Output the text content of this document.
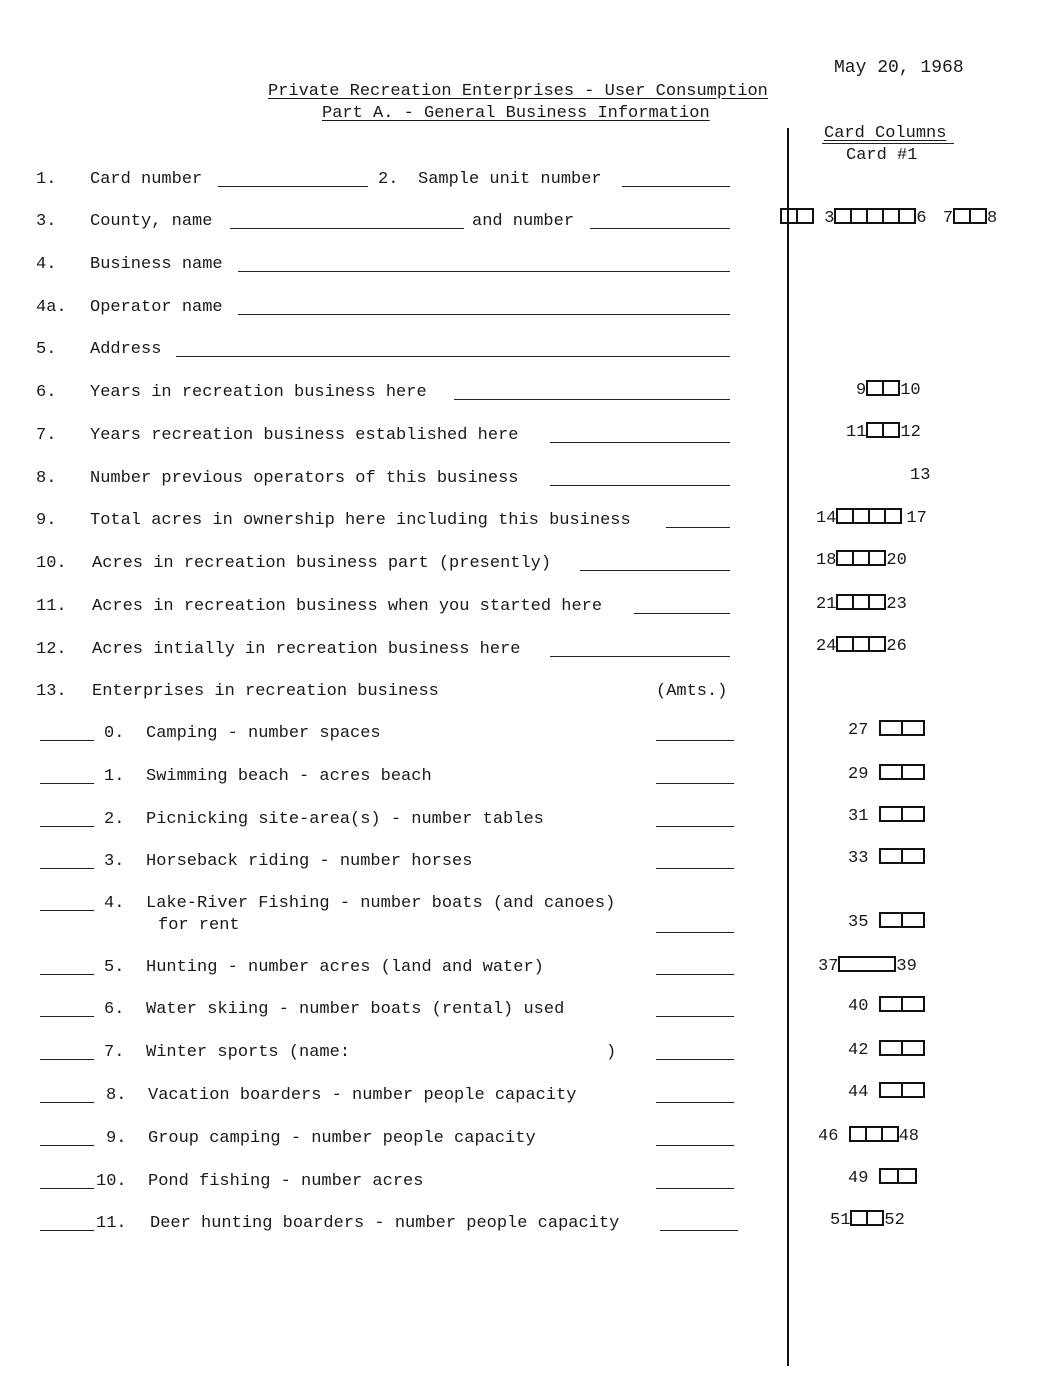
May 20, 1968
Private Recreation Enterprises - User Consumption
Part A. - General Business Information
Card Columns
Card #1
1. Card number	2. Sample unit number
3. County, name	and number	3	6 7 8
4. Business name
4a. Operator name
5. Address
6. Years in recreation business here	9 10
7. Years recreation business established here	11 12
8. Number previous operators of this business	13
9. Total acres in ownership here including this business	14	17
10. Acres in recreation business part (presently)	18	20
11. Acres in recreation business when you started here	21	23
12. Acres intially in recreation business here	24	26
13. Enterprises in recreation business	(Amts.)
0. Camping - number spaces	27
1. Swimming beach - acres beach	29
2. Picnicking site-area(s) - number tables	31
3. Horseback riding - number horses	33
4. Lake-River Fishing - number boats (and canoes)
for rent	35
5. Hunting - number acres (land and water)	37	39
6. Water skiing - number boats (rental) used	40
7. Winter sports (name:	)	42
8. Vacation boarders - number people capacity	44
9. Group camping - number people capacity	46	48
10. Pond fishing - number acres	49
11. Deer hunting boarders - number people capacity	51 52
